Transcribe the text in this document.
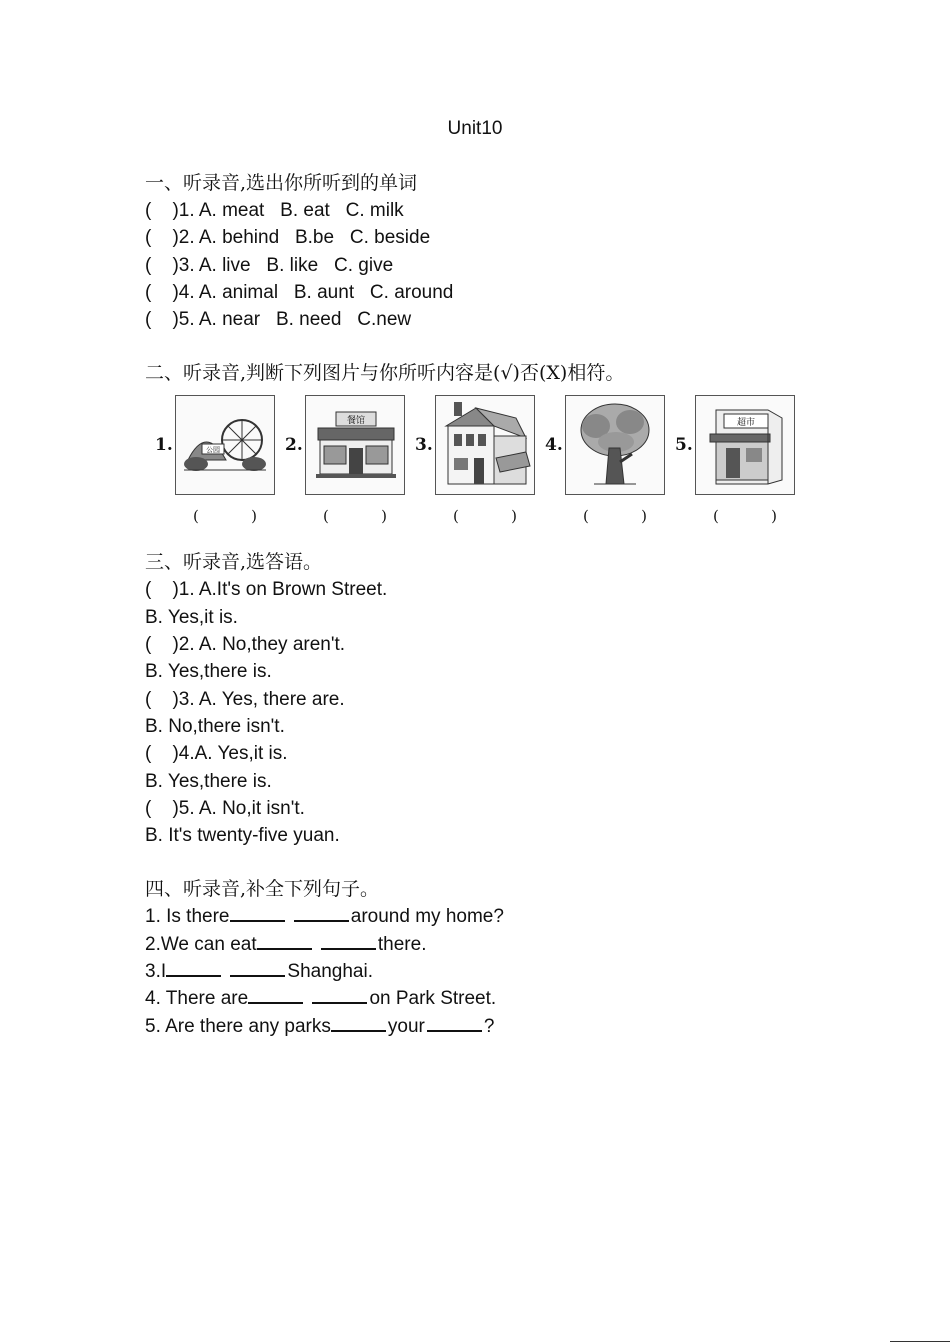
Unit10
一、听录音,选出你所听到的单词
(    )1. A. meat   B. eat   C. milk
(    )2. A. behind   B.be   C. beside
(    )3. A. live   B. like   C. give
(    )4. A. animal   B. aunt   C. around
(    )5. A. near   B. need   C.new
二、听录音,判断下列图片与你所听内容是(√)否(X)相符。
1.	公园
(	)
2.
餐馆
(	)
3.
(	)
4.
(	)
5.
超市
(	)
三、听录音,选答语。
(    )1. A.It's on Brown Street.
B. Yes,it is.
(    )2. A. No,they aren't.
B. Yes,there is.
(    )3. A. Yes, there are.
B. No,there isn't.
(    )4.A. Yes,it is.
B. Yes,there is.
(    )5. A. No,it isn't.
B. It's twenty-five yuan.
四、听录音,补全下列句子。
1. Is there	around my home?
2.We can eat	there.
3.I	Shanghai.
4. There are	on Park Street.
5. Are there any parks	your	?
